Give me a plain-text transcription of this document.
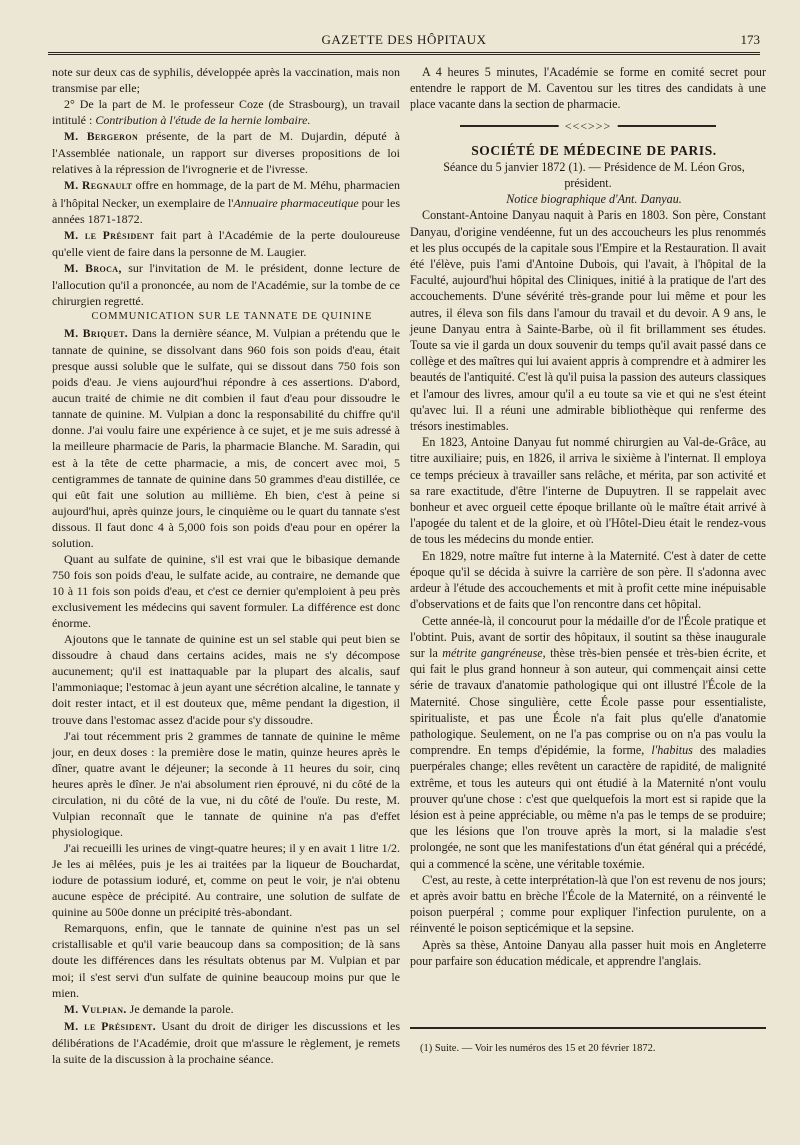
GAZETTE DES HÔPITAUX	173

note sur deux cas de syphilis, développée après la vaccination, mais non transmise par elle;

2° De la part de M. le professeur Coze (de Strasbourg), un travail intitulé : Contribution à l'étude de la hernie lombaire.

M. Bergeron présente, de la part de M. Dujardin, député à l'Assemblée nationale, un rapport sur diverses propositions de loi relatives à la répression de l'ivrognerie et de l'ivresse.

M. Regnault offre en hommage, de la part de M. Méhu, pharmacien à l'hôpital Necker, un exemplaire de l'Annuaire pharmaceutique pour les années 1871-1872.

M. le Président fait part à l'Académie de la perte douloureuse qu'elle vient de faire dans la personne de M. Laugier.

M. Broca, sur l'invitation de M. le président, donne lecture de l'allocution qu'il a prononcée, au nom de l'Académie, sur la tombe de ce chirurgien regretté.

COMMUNICATION SUR LE TANNATE DE QUININE

M. Briquet. Dans la dernière séance, M. Vulpian a prétendu que le tannate de quinine, se dissolvant dans 960 fois son poids d'eau, était presque aussi soluble que le sulfate, qui se dissout dans 750 fois son poids d'eau. Je viens aujourd'hui répondre à ces assertions. D'abord, aucun traité de chimie ne dit combien il faut d'eau pour dissoudre le tannate de quinine. M. Vulpian a donc la responsabilité du chiffre qu'il donne. J'ai voulu faire une expérience à ce sujet, et je me suis adressé à la meilleure pharmacie de Paris, la pharmacie Blanche. M. Saradin, qui est à la tête de cette pharmacie, a mis, de concert avec moi, 5 centigrammes de tannate de quinine dans 50 grammes d'eau distillée, ce qui eût fait une solution au millième. Eh bien, c'est à peine si aujourd'hui, après quinze jours, le cinquième ou le quart du tannate s'est dissous. Il faut donc 4 à 5,000 fois son poids d'eau pour en opérer la solution.

Quant au sulfate de quinine, s'il est vrai que le bibasique demande 750 fois son poids d'eau, le sulfate acide, au contraire, ne demande que 10 à 11 fois son poids d'eau, et c'est ce dernier qu'emploient à peu près exclusivement les médecins qui savent formuler. La différence est donc énorme.

Ajoutons que le tannate de quinine est un sel stable qui peut bien se dissoudre à chaud dans certains acides, mais ne s'y décompose aucunement; qu'il est inattaquable par la plupart des alcalis, sauf l'ammoniaque; l'estomac à jeun ayant une sécrétion alcaline, le tannate y doit rester intact, et il est douteux que, même pendant la digestion, il trouve dans l'estomac assez d'acide pour s'y dissoudre.

J'ai tout récemment pris 2 grammes de tannate de quinine le même jour, en deux doses : la première dose le matin, quinze heures après le dîner, quatre avant le déjeuner; la seconde à 11 heures du soir, cinq heures après le dîner. Je n'ai absolument rien éprouvé, ni du côté de la circulation, ni du côté de la vue, ni du côté de l'ouïe. Du reste, M. Vulpian reconnaît que le tannate de quinine n'a pas d'effet physiologique.

J'ai recueilli les urines de vingt-quatre heures; il y en avait 1 litre 1/2. Je les ai mêlées, puis je les ai traitées par la liqueur de Bouchardat, iodure de potassium ioduré, et, comme on peut le voir, je n'ai obtenu aucune espèce de précipité. Au contraire, une solution de sulfate de quinine au 500e donne un précipité très-abondant.

Remarquons, enfin, que le tannate de quinine n'est pas un sel cristallisable et qu'il varie beaucoup dans sa composition; de là sans doute les différences dans les résultats obtenus par M. Vulpian et par moi; il s'est servi d'un sulfate de quinine beaucoup moins pur que le mien.

M. Vulpian. Je demande la parole.

M. le Président. Usant du droit de diriger les discussions et les délibérations de l'Académie, droit que m'assure le règlement, je remets la suite de la discussion à la prochaine séance.

A 4 heures 5 minutes, l'Académie se forme en comité secret pour entendre le rapport de M. Caventou sur les titres des candidats à une place vacante dans la section de pharmacie.

<<<>>>

SOCIÉTÉ DE MÉDECINE DE PARIS.

Séance du 5 janvier 1872 (1). — Présidence de M. Léon Gros, président.

Notice biographique d'Ant. Danyau.

Constant-Antoine Danyau naquit à Paris en 1803. Son père, Constant Danyau, d'origine vendéenne, fut un des accoucheurs les plus renommés et les plus occupés de la capitale sous l'Empire et la Restauration. Il avait été l'élève, puis l'ami d'Antoine Dubois, qui l'avait, à l'hôpital de la Faculté, aujourd'hui hôpital des Cliniques, initié à la pratique de l'art des accouchements. D'une sévérité très-grande pour lui même et pour les autres, il éleva son fils dans l'amour du travail et du devoir. A 9 ans, le jeune Danyau entra à Sainte-Barbe, où il fit brillamment ses études. Toute sa vie il garda un doux souvenir du temps qu'il avait passé dans ce collège et des maîtres qui lui avaient appris à comprendre et à admirer les beautés de l'antiquité. C'est là qu'il puisa la passion des auteurs classiques et l'amour des livres, amour qu'il a eu toute sa vie et qui ne s'est éteint qu'avec lui. Il a réuni une admirable bibliothèque qui renferme des trésors inestimables.

En 1823, Antoine Danyau fut nommé chirurgien au Val-de-Grâce, au titre auxiliaire; puis, en 1826, il arriva le sixième à l'internat. Il employa ce temps précieux à travailler sans relâche, et mérita, par son activité et sa rare exactitude, d'être l'interne de Dupuytren. Il se rappelait avec bonheur et avec orgueil cette époque brillante où le maître était arrivé à l'apogée du talent et de la gloire, et où l'Hôtel-Dieu était le rendez-vous de tous les médecins du monde entier.

En 1829, notre maître fut interne à la Maternité. C'est à dater de cette époque qu'il se décida à suivre la carrière de son père. Il s'adonna avec ardeur à l'étude des accouchements et mit à profit cette mine inépuisable d'observations et de faits que l'on rencontre dans cet hôpital.

Cette année-là, il concourut pour la médaille d'or de l'École pratique et l'obtint. Puis, avant de sortir des hôpitaux, il soutint sa thèse inaugurale sur la métrite gangréneuse, thèse très-bien pensée et très-bien écrite, et qui fait le plus grand honneur à son auteur, qui commençait ainsi cette série de travaux d'anatomie pathologique qui ont illustré l'École de la Maternité. Chose singulière, cette École passe pour essentialiste, spiritualiste, et pas une École n'a fait plus qu'elle d'anatomie pathologique. Seulement, on ne l'a pas comprise ou on n'a pas voulu la comprendre. En temps d'épidémie, la forme, l'habitus des maladies puerpérales change; elles revêtent un caractère de rapidité, de malignité extrême, et tous les auteurs qui ont étudié à la Maternité n'ont voulu prouver qu'une chose : c'est que quelquefois la mort est si rapide que la lésion est à peine appréciable, ou même n'a pas le temps de se produire; que les lésions que l'on trouve après la mort, si la maladie s'est prolongée, ne sont que les manifestations d'un état général qui a précédé, qui a commencé la scène, une véritable toxémie.

C'est, au reste, à cette interprétation-là que l'on est revenu de nos jours; et après avoir battu en brèche l'École de la Maternité, on a réinventé le poison puerpéral ; comme pour expliquer l'infection purulente, on a réinventé le poison septicémique et la sepsine.

Après sa thèse, Antoine Danyau alla passer huit mois en Angleterre pour parfaire son éducation médicale, et apprendre l'anglais.

(1) Suite. — Voir les numéros des 15 et 20 février 1872.
